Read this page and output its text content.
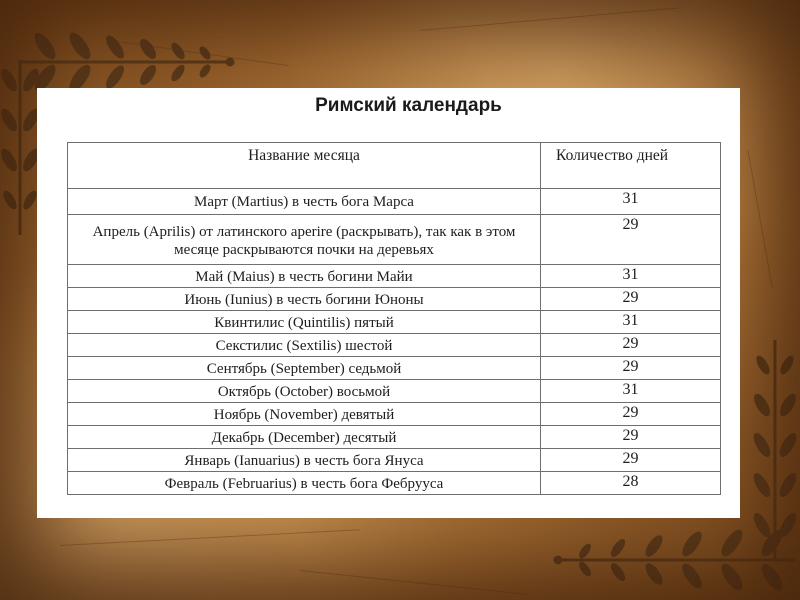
Римский календарь
Название месяца	Количество дней
Март (Martius) в честь бога Марса	31
Апрель (Aprilis) от латинского aperire (раскрывать), так как в этом месяце раскрываются почки на деревьях	29
Май (Maius) в честь богини Майи	31
Июнь (Iunius) в честь богини Юноны	29
Квинтилис (Quintilis) пятый	31
Секстилис (Sextilis) шестой	29
Сентябрь (September) седьмой	29
Октябрь (October) восьмой	31
Ноябрь (November) девятый	29
Декабрь (December) десятый	29
Январь (Ianuarius) в честь бога Януса	29
Февраль (Februarius) в честь бога Фебрууса	28
